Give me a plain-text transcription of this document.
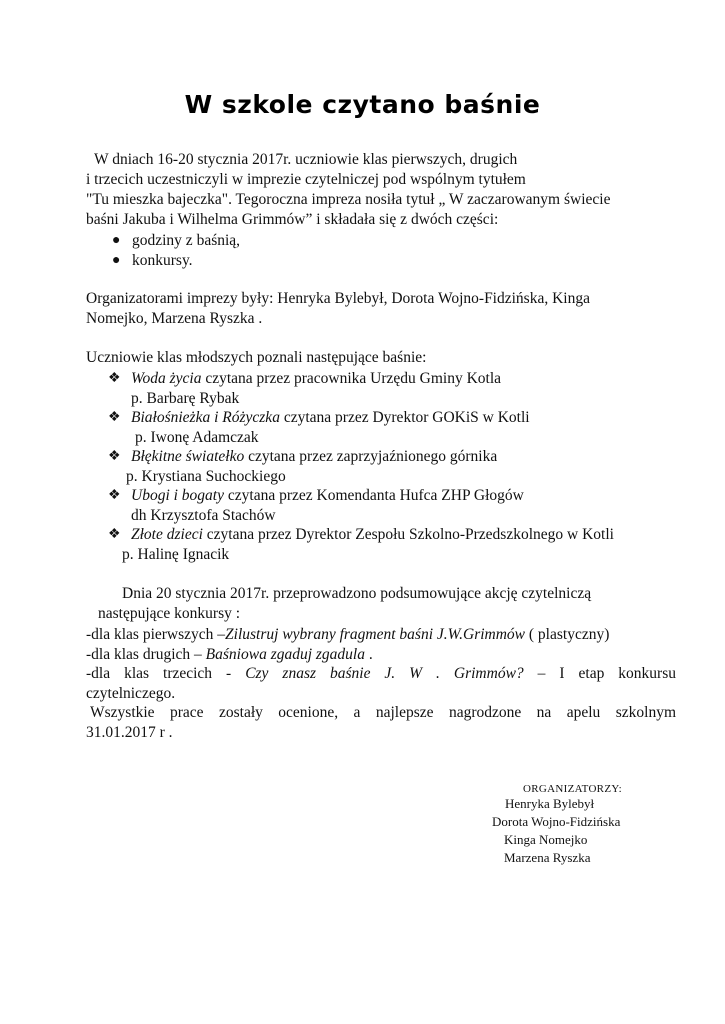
W szkole czytano baśnie
W dniach 16-20 stycznia 2017r. uczniowie klas pierwszych, drugich
i trzecich uczestniczyli w imprezie czytelniczej pod wspólnym tytułem
"Tu mieszka bajeczka". Tegoroczna impreza nosiła tytuł „ W zaczarowanym świecie
baśni Jakuba i Wilhelma Grimmów” i składała się z dwóch części:
● godziny z baśnią,
● konkursy.
Organizatorami imprezy były: Henryka Bylebył, Dorota Wojno-Fidzińska, Kinga
Nomejko, Marzena Ryszka .
Uczniowie klas młodszych poznali następujące baśnie:
❖ Woda życia czytana przez pracownika Urzędu Gminy Kotla
p. Barbarę Rybak
❖ Białośnieżka i Różyczka czytana przez Dyrektor GOKiS w Kotli
p. Iwonę Adamczak
❖ Błękitne światełko czytana przez zaprzyjaźnionego górnika
p. Krystiana Suchockiego
❖ Ubogi i bogaty czytana przez Komendanta Hufca ZHP Głogów
dh Krzysztofa Stachów
❖ Złote dzieci czytana przez Dyrektor Zespołu Szkolno-Przedszkolnego w Kotli
p. Halinę Ignacik
Dnia 20 stycznia 2017r. przeprowadzono podsumowujące akcję czytelniczą
następujące konkursy :
-dla klas pierwszych –Zilustruj wybrany fragment baśni J.W.Grimmów ( plastyczny)
-dla klas drugich – Baśniowa zgaduj zgadula .
-dla klas trzecich - Czy znasz baśnie J. W . Grimmów? – I etap konkursu
czytelniczego.
Wszystkie prace zostały ocenione, a najlepsze nagrodzone na apelu szkolnym
31.01.2017 r .
ORGANIZATORZY:
Henryka Bylebył
Dorota Wojno-Fidzińska
Kinga Nomejko
Marzena Ryszka
